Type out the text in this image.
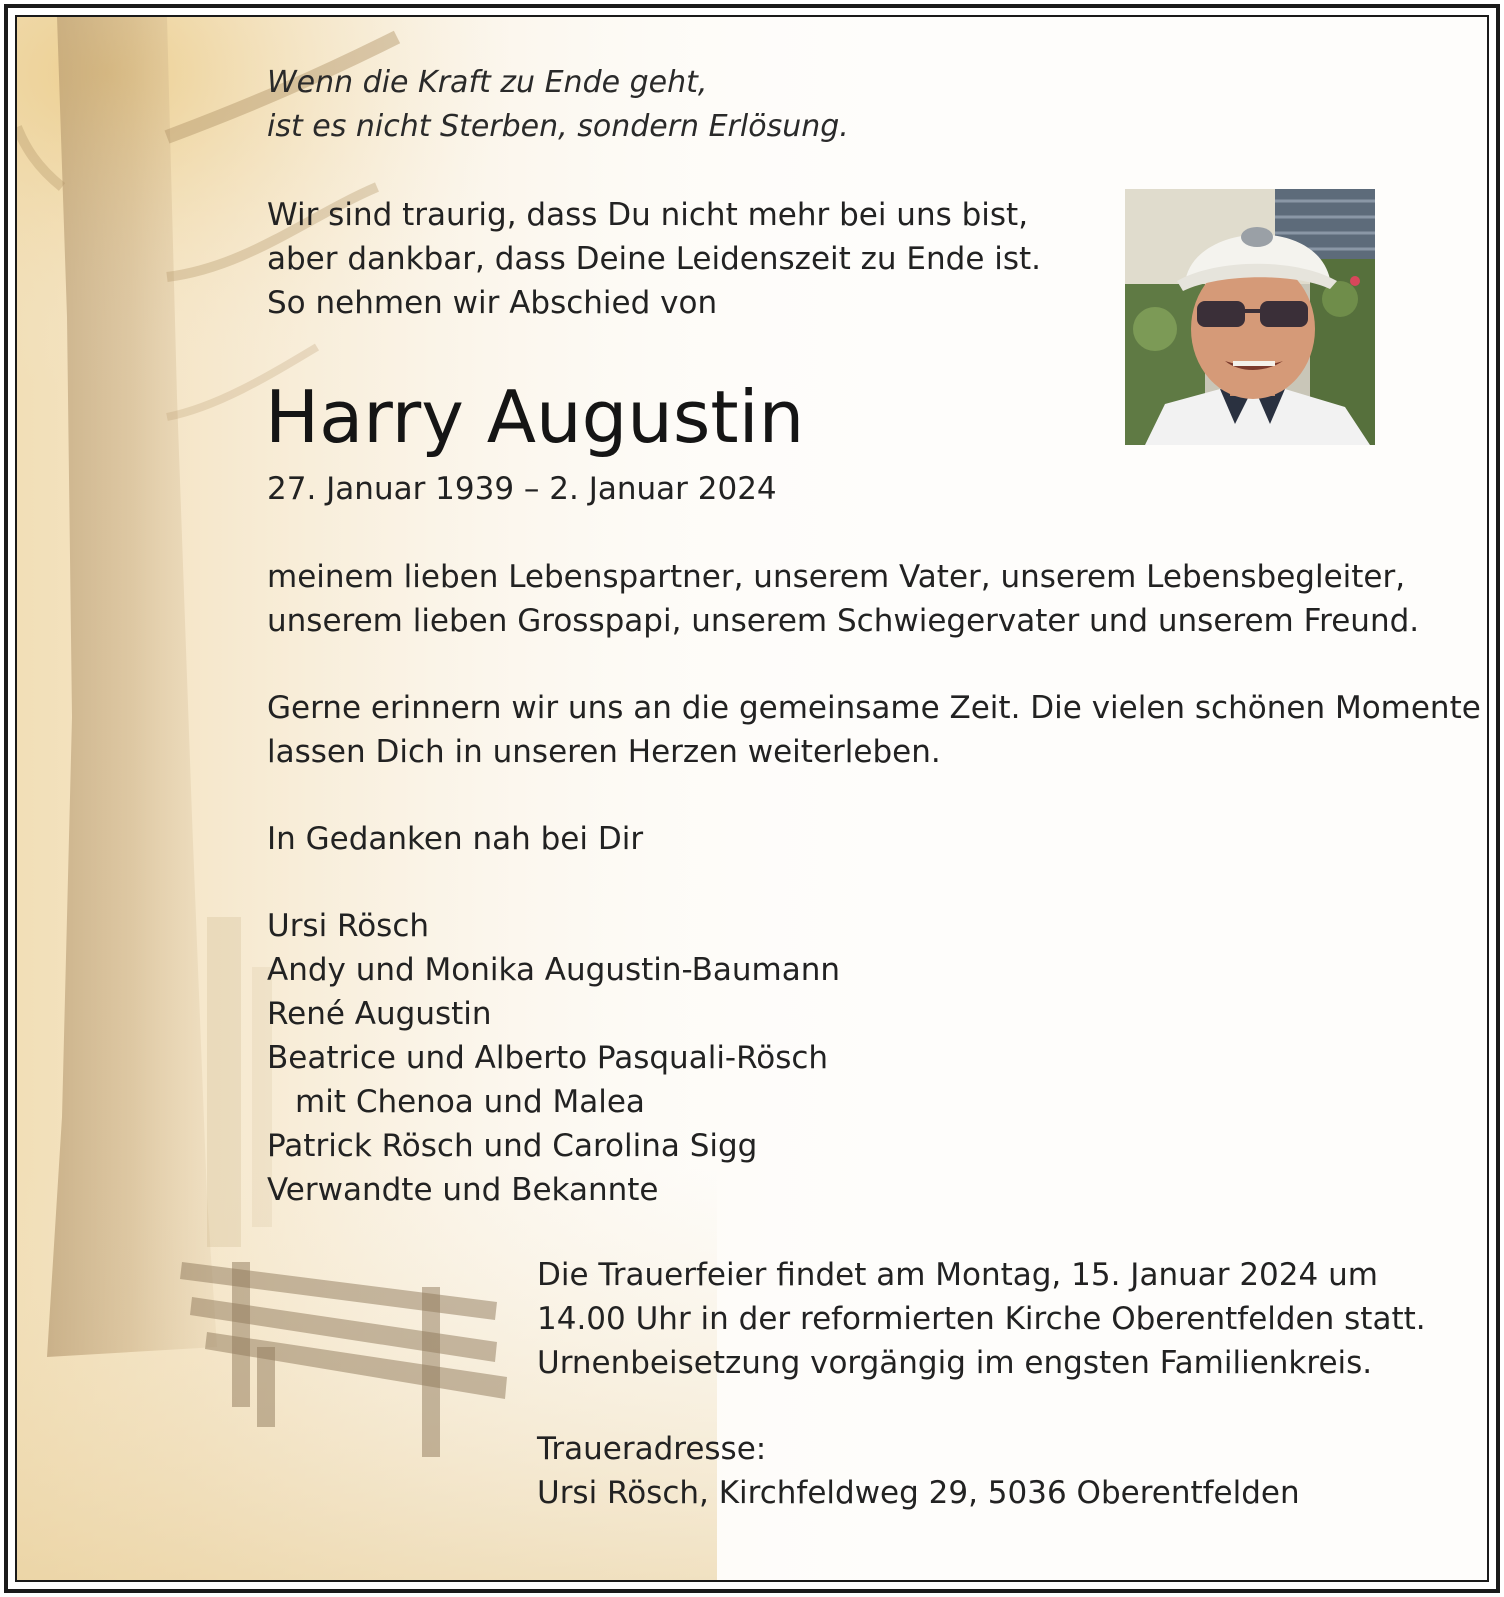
Wenn die Kraft zu Ende geht,
ist es nicht Sterben, sondern Erlösung.
Wir sind traurig, dass Du nicht mehr bei uns bist,
aber dankbar, dass Deine Leidenszeit zu Ende ist.
So nehmen wir Abschied von
Harry Augustin
27. Januar 1939 – 2. Januar 2024
meinem lieben Lebenspartner, unserem Vater, unserem Lebensbegleiter,
unserem lieben Grosspapi, unserem Schwiegervater und unserem Freund.
Gerne erinnern wir uns an die gemeinsame Zeit. Die vielen schönen Momente
lassen Dich in unseren Herzen weiterleben.
In Gedanken nah bei Dir
Ursi Rösch
Andy und Monika Augustin-Baumann
René Augustin
Beatrice und Alberto Pasquali-Rösch
mit Chenoa und Malea
Patrick Rösch und Carolina Sigg
Verwandte und Bekannte
Die Trauerfeier findet am Montag, 15. Januar 2024 um
14.00 Uhr in der reformierten Kirche Oberentfelden statt.
Urnenbeisetzung vorgängig im engsten Familienkreis.
Traueradresse:
Ursi Rösch, Kirchfeldweg 29, 5036 Oberentfelden
